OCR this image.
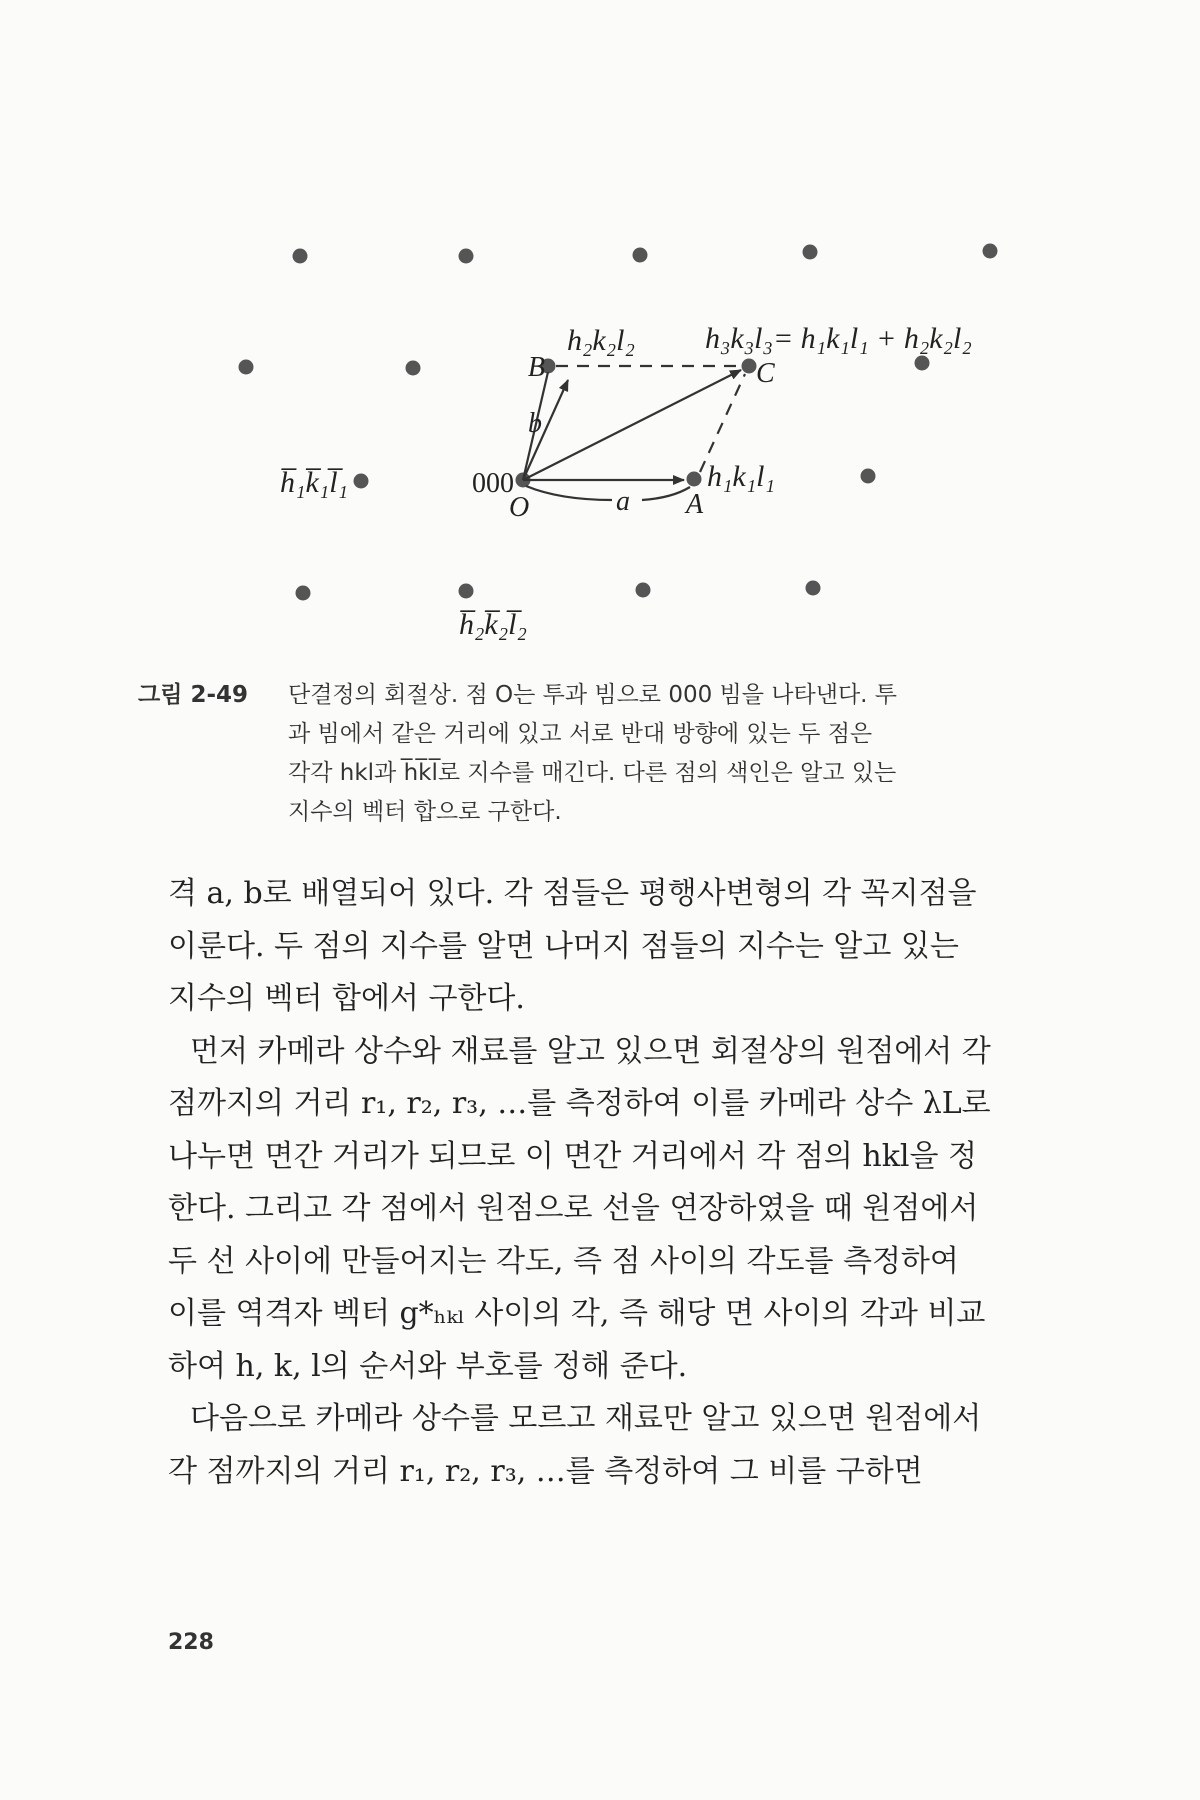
h₂k₂l₂ h₃k₃l₃= h₁k₁l₁ + h₂k₂l₂
B	C
b
h̅₁k̅₁l̅₁	000
O	a A
h₁k₁l₁
h̅₂k̅₂l̅₂
그림 2-49 단결정의 회절상. 점 O는 투과 빔으로 000 빔을 나타낸다. 투
과 빔에서 같은 거리에 있고 서로 반대 방향에 있는 두 점은
각각 hkl과 h̅k̅l̅로 지수를 매긴다. 다른 점의 색인은 알고 있는
지수의 벡터 합으로 구한다.
격 a, b로 배열되어 있다. 각 점들은 평행사변형의 각 꼭지점을
이룬다. 두 점의 지수를 알면 나머지 점들의 지수는 알고 있는
지수의 벡터 합에서 구한다.
먼저 카메라 상수와 재료를 알고 있으면 회절상의 원점에서 각
점까지의 거리 r₁, r₂, r₃, …를 측정하여 이를 카메라 상수 λL로
나누면 면간 거리가 되므로 이 면간 거리에서 각 점의 hkl을 정
한다. 그리고 각 점에서 원점으로 선을 연장하였을 때 원점에서
두 선 사이에 만들어지는 각도, 즉 점 사이의 각도를 측정하여
이를 역격자 벡터 g*ₕₖₗ 사이의 각, 즉 해당 면 사이의 각과 비교
하여 h, k, l의 순서와 부호를 정해 준다.
다음으로 카메라 상수를 모르고 재료만 알고 있으면 원점에서
각 점까지의 거리 r₁, r₂, r₃, …를 측정하여 그 비를 구하면
228
